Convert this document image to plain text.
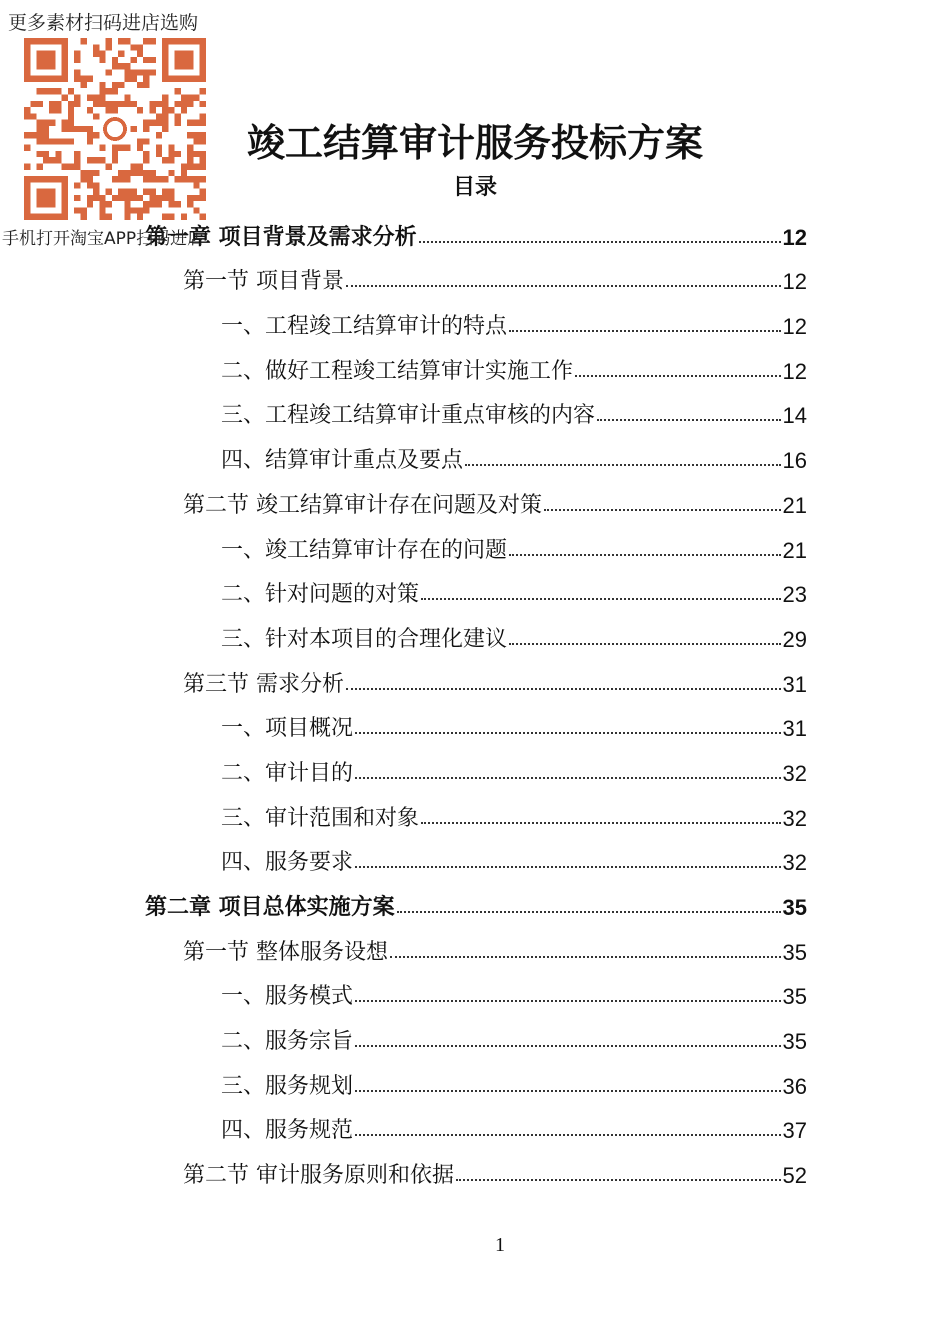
更多素材扫码进店选购
手机打开淘宝APP扫码进店
竣工结算审计服务投标方案
目录
第一章 项目背景及需求分析	12
第一节 项目背景	12
一、工程竣工结算审计的特点	12
二、做好工程竣工结算审计实施工作	12
三、工程竣工结算审计重点审核的内容	14
四、结算审计重点及要点	16
第二节 竣工结算审计存在问题及对策	21
一、竣工结算审计存在的问题	21
二、针对问题的对策	23
三、针对本项目的合理化建议	29
第三节 需求分析	31
一、项目概况	31
二、审计目的	32
三、审计范围和对象	32
四、服务要求	32
第二章 项目总体实施方案	35
第一节 整体服务设想	35
一、服务模式	35
二、服务宗旨	35
三、服务规划	36
四、服务规范	37
第二节 审计服务原则和依据	52
1
